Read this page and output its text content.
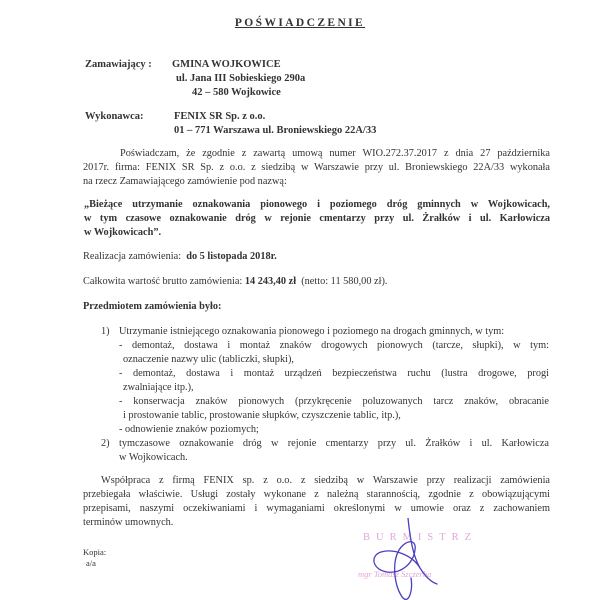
POŚWIADCZENIE
Zamawiający : GMINA WOJKOWICE
ul. Jana III Sobieskiego 290a
42 – 580 Wojkowice
Wykonawca:	FENIX SR Sp. z o.o.
01 – 771 Warszawa ul. Broniewskiego 22A/33
Poświadczam, że zgodnie z zawartą umową numer WIO.272.37.2017 z dnia 27 października
2017r. firma: FENIX SR Sp. z o.o. z siedzibą w Warszawie przy ul. Broniewskiego 22A/33 wykonała
na rzecz Zamawiającego zamówienie pod nazwą:
„Bieżące utrzymanie oznakowania pionowego i poziomego dróg gminnych w Wojkowicach,
w tym czasowe oznakowanie dróg w rejonie cmentarzy przy ul. Żrałków i ul. Karłowicza
w Wojkowicach”.
Realizacja zamówienia: do 5 listopada 2018r.
Całkowita wartość brutto zamówienia: 14 243,40 zł (netto: 11 580,00 zł).
Przedmiotem zamówienia było:
1) Utrzymanie istniejącego oznakowania pionowego i poziomego na drogach gminnych, w tym:
- demontaż, dostawa i montaż znaków drogowych pionowych (tarcze, słupki), w tym:
oznaczenie nazwy ulic (tabliczki, słupki),
- demontaż, dostawa i montaż urządzeń bezpieczeństwa ruchu (lustra drogowe, progi
zwalniające itp.),
- konserwacja znaków pionowych (przykręcenie poluzowanych tarcz znaków, obracanie
i prostowanie tablic, prostowanie słupków, czyszczenie tablic, itp.),
- odnowienie znaków poziomych;
2) tymczasowe oznakowanie dróg w rejonie cmentarzy przy ul. Żrałków i ul. Karłowicza
w Wojkowicach.
Współpraca z firmą FENIX sp. z o.o. z siedzibą w Warszawie przy realizacji zamówienia
przebiegała właściwie. Usługi zostały wykonane z należną starannością, zgodnie z obowiązującymi
przepisami, naszymi oczekiwaniami i wymaganiami określonymi w umowie oraz z zachowaniem
terminów umownych.
Kopia:
a/a
BURMISTRZ
mgr Tomasz Szczerba
